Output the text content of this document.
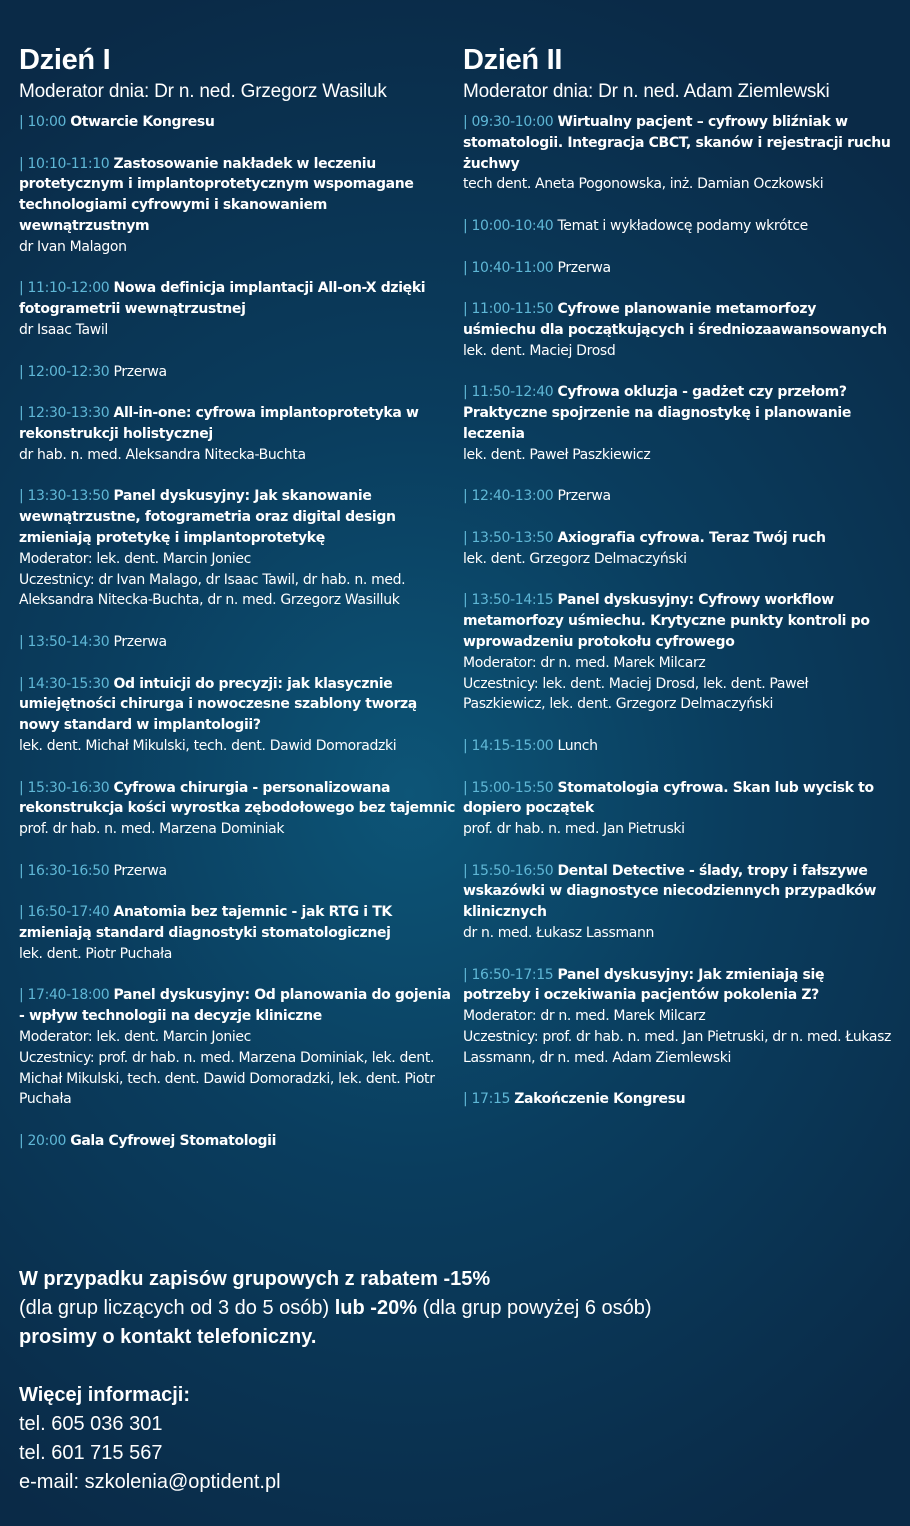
Dzień I
Moderator dnia: Dr n. ned. Grzegorz Wasiluk
| 10:00 Otwarcie Kongresu
| 10:10-11:10 Zastosowanie nakładek w leczeniu protetycznym i implantoprotetycznym wspomagane technologiami cyfrowymi i skanowaniem wewnątrzustnym
dr Ivan Malagon
| 11:10-12:00 Nowa definicja implantacji All-on-X dzięki fotogrametrii wewnątrzustnej
dr Isaac Tawil
| 12:00-12:30 Przerwa
| 12:30-13:30 All-in-one: cyfrowa implantoprotetyka w rekonstrukcji holistycznej
dr hab. n. med. Aleksandra Nitecka-Buchta
| 13:30-13:50 Panel dyskusyjny: Jak skanowanie wewnątrzustne, fotogrametria oraz digital design zmieniają protetykę i implantoprotetykę
Moderator: lek. dent. Marcin Joniec
Uczestnicy: dr Ivan Malago, dr Isaac Tawil, dr hab. n. med. Aleksandra Nitecka-Buchta, dr n. med. Grzegorz Wasilluk
| 13:50-14:30 Przerwa
| 14:30-15:30 Od intuicji do precyzji: jak klasycznie umiejętności chirurga i nowoczesne szablony tworzą nowy standard w implantologii?
lek. dent. Michał Mikulski, tech. dent. Dawid Domoradzki
| 15:30-16:30 Cyfrowa chirurgia - personalizowana rekonstrukcja kości wyrostka zębodołowego bez tajemnic
prof. dr hab. n. med. Marzena Dominiak
| 16:30-16:50 Przerwa
| 16:50-17:40 Anatomia bez tajemnic - jak RTG i TK zmieniają standard diagnostyki stomatologicznej
lek. dent. Piotr Puchała
| 17:40-18:00 Panel dyskusyjny: Od planowania do gojenia - wpływ technologii na decyzje kliniczne
Moderator: lek. dent. Marcin Joniec
Uczestnicy: prof. dr hab. n. med. Marzena Dominiak, lek. dent. Michał Mikulski, tech. dent. Dawid Domoradzki, lek. dent. Piotr Puchała
| 20:00 Gala Cyfrowej Stomatologii
Dzień II
Moderator dnia: Dr n. ned. Adam Ziemlewski
| 09:30-10:00 Wirtualny pacjent – cyfrowy bliźniak w stomatologii. Integracja CBCT, skanów i rejestracji ruchu żuchwy
tech dent. Aneta Pogonowska, inż. Damian Oczkowski
| 10:00-10:40 Temat i wykładowcę podamy wkrótce
| 10:40-11:00 Przerwa
| 11:00-11:50 Cyfrowe planowanie metamorfozy uśmiechu dla początkujących i średniozaawansowanych
lek. dent. Maciej Drosd
| 11:50-12:40 Cyfrowa okluzja - gadżet czy przełom? Praktyczne spojrzenie na diagnostykę i planowanie leczenia
lek. dent. Paweł Paszkiewicz
| 12:40-13:00 Przerwa
| 13:50-13:50 Axiografia cyfrowa. Teraz Twój ruch
lek. dent. Grzegorz Delmaczyński
| 13:50-14:15 Panel dyskusyjny: Cyfrowy workflow metamorfozy uśmiechu. Krytyczne punkty kontroli po wprowadzeniu protokołu cyfrowego
Moderator: dr n. med. Marek Milcarz
Uczestnicy: lek. dent. Maciej Drosd, lek. dent. Paweł Paszkiewicz, lek. dent. Grzegorz Delmaczyński
| 14:15-15:00 Lunch
| 15:00-15:50 Stomatologia cyfrowa. Skan lub wycisk to dopiero początek
prof. dr hab. n. med. Jan Pietruski
| 15:50-16:50 Dental Detective - ślady, tropy i fałszywe wskazówki w diagnostyce niecodziennych przypadków klinicznych
dr n. med. Łukasz Lassmann
| 16:50-17:15 Panel dyskusyjny: Jak zmieniają się potrzeby i oczekiwania pacjentów pokolenia Z?
Moderator: dr n. med. Marek Milcarz
Uczestnicy: prof. dr hab. n. med. Jan Pietruski, dr n. med. Łukasz Lassmann, dr n. med. Adam Ziemlewski
| 17:15 Zakończenie Kongresu
W przypadku zapisów grupowych z rabatem -15%
(dla grup liczących od 3 do 5 osób) lub -20% (dla grup powyżej 6 osób)
prosimy o kontakt telefoniczny.
Więcej informacji:
tel. 605 036 301
tel. 601 715 567
e-mail: szkolenia@optident.pl
